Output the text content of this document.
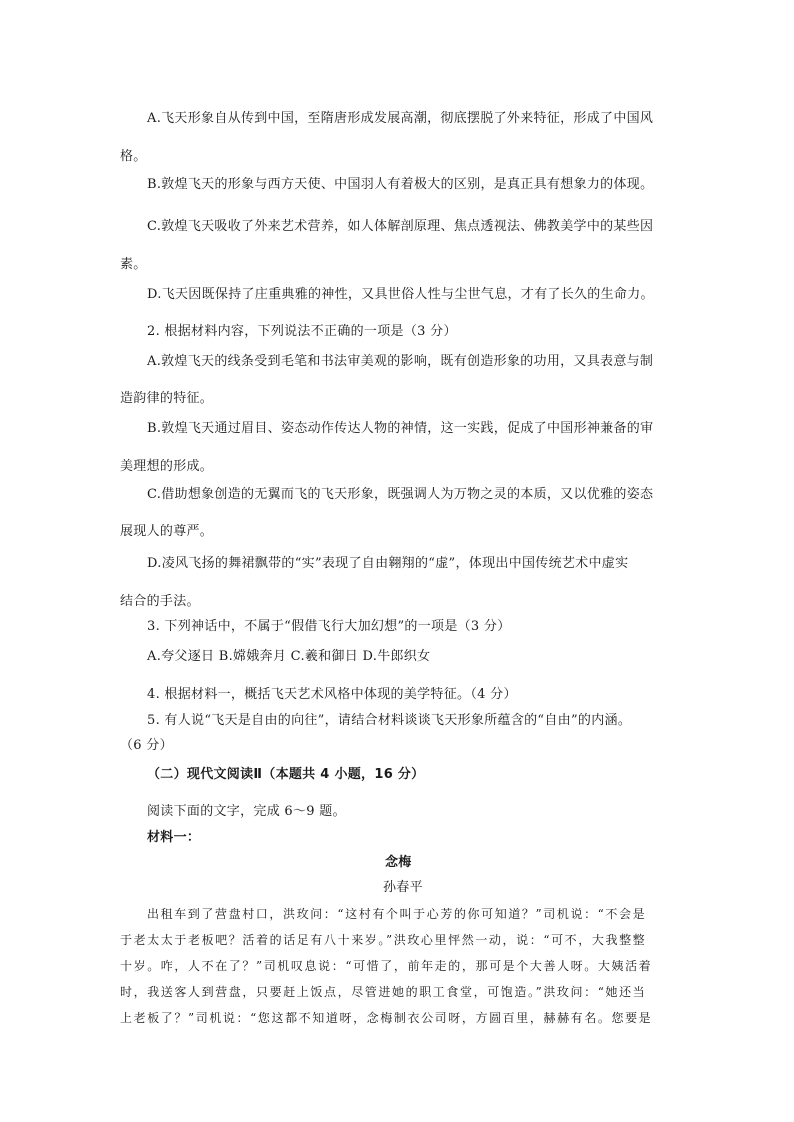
A.飞天形象自从传到中国，至隋唐形成发展高潮，彻底摆脱了外来特征，形成了中国风
格。
B.敦煌飞天的形象与西方天使、中国羽人有着极大的区别，是真正具有想象力的体现。
C.敦煌飞天吸收了外来艺术营养，如人体解剖原理、焦点透视法、佛教美学中的某些因
素。
D.飞天因既保持了庄重典雅的神性，又具世俗人性与尘世气息，才有了长久的生命力。
2. 根据材料内容，下列说法不正确的一项是（3 分）
A.敦煌飞天的线条受到毛笔和书法审美观的影响，既有创造形象的功用，又具表意与制
造韵律的特征。
B.敦煌飞天通过眉目、姿态动作传达人物的神情，这一实践，促成了中国形神兼备的审
美理想的形成。
C.借助想象创造的无翼而飞的飞天形象，既强调人为万物之灵的本质，又以优雅的姿态
展现人的尊严。
D.凌风飞扬的舞裙飘带的“实”表现了自由翱翔的“虚”，体现出中国传统艺术中虚实
结合的手法。
3. 下列神话中，不属于“假借飞行大加幻想”的一项是（3 分）
A.夸父逐日 B.嫦娥奔月 C.羲和御日 D.牛郎织女
4. 根据材料一，概括飞天艺术风格中体现的美学特征。（4 分）
5. 有人说“飞天是自由的向往”，请结合材料谈谈飞天形象所蕴含的“自由”的内涵。
（6 分）
（二）现代文阅读Ⅱ（本题共 4 小题，16 分）
阅读下面的文字，完成 6～9 题。
材料一：
念梅
孙春平
出租车到了营盘村口，洪玫问：“这村有个叫于心芳的你可知道？”司机说：“不会是
于老太太于老板吧？活着的话足有八十来岁。”洪玫心里怦然一动，说：“可不，大我整整
十岁。咋，人不在了？”司机叹息说：“可惜了，前年走的，那可是个大善人呀。大姨活着
时，我送客人到营盘，只要赶上饭点，尽管进她的职工食堂，可饱造。”洪玫问：“她还当
上老板了？”司机说：“您这都不知道呀，念梅制衣公司呀，方圆百里，赫赫有名。您要是
